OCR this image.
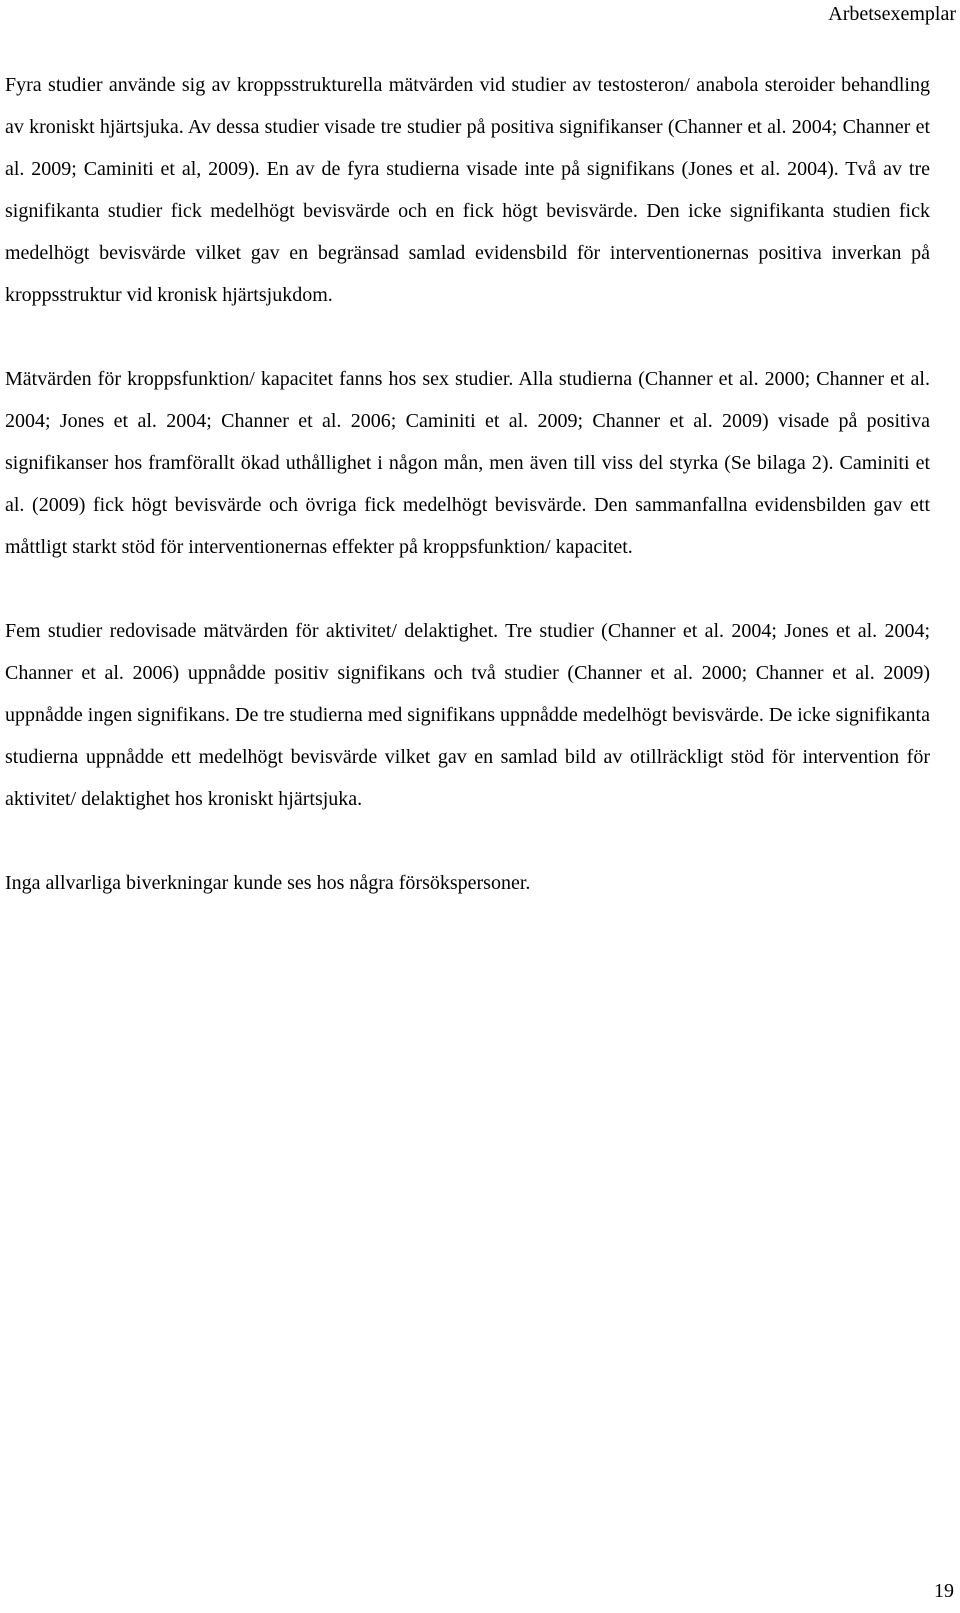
Arbetsexemplar

Fyra studier använde sig av kroppsstrukturella mätvärden vid studier av testosteron/ anabola steroider behandling av kroniskt hjärtsjuka. Av dessa studier visade tre studier på positiva signifikanser (Channer et al. 2004; Channer et al. 2009; Caminiti et al, 2009). En av de fyra studierna visade inte på signifikans (Jones et al. 2004). Två av tre signifikanta studier fick medelhögt bevisvärde och en fick högt bevisvärde. Den icke signifikanta studien fick medelhögt bevisvärde vilket gav en begränsad samlad evidensbild för interventionernas positiva inverkan på kroppsstruktur vid kronisk hjärtsjukdom.

Mätvärden för kroppsfunktion/ kapacitet fanns hos sex studier. Alla studierna (Channer et al. 2000; Channer et al. 2004; Jones et al. 2004; Channer et al. 2006; Caminiti et al. 2009; Channer et al. 2009) visade på positiva signifikanser hos framförallt ökad uthållighet i någon mån, men även till viss del styrka (Se bilaga 2). Caminiti et al. (2009) fick högt bevisvärde och övriga fick medelhögt bevisvärde. Den sammanfallna evidensbilden gav ett måttligt starkt stöd för interventionernas effekter på kroppsfunktion/ kapacitet.

Fem studier redovisade mätvärden för aktivitet/ delaktighet. Tre studier (Channer et al. 2004; Jones et al. 2004; Channer et al. 2006) uppnådde positiv signifikans och två studier (Channer et al. 2000; Channer et al. 2009) uppnådde ingen signifikans. De tre studierna med signifikans uppnådde medelhögt bevisvärde. De icke signifikanta studierna uppnådde ett medelhögt bevisvärde vilket gav en samlad bild av otillräckligt stöd för intervention för aktivitet/ delaktighet hos kroniskt hjärtsjuka.

Inga allvarliga biverkningar kunde ses hos några försökspersoner.

19
